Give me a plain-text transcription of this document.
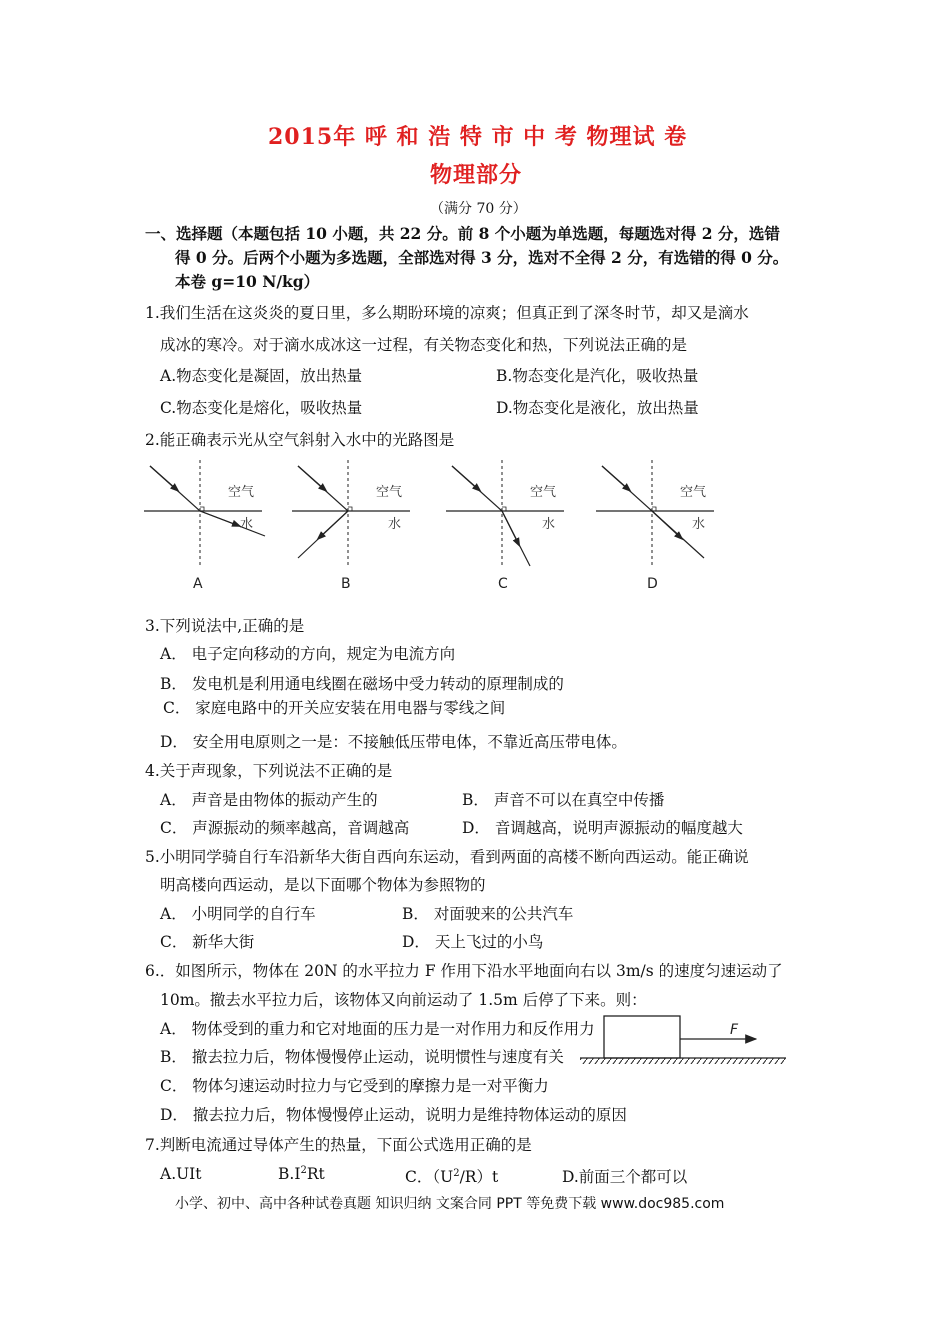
2015年 呼 和 浩 特 市 中 考 物理试 卷
物理部分
（满分 70 分）
一、选择题（本题包括 10 小题，共 22 分。前 8 个小题为单选题，每题选对得 2 分，选错
得 0 分。后两个小题为多选题，全部选对得 3 分，选对不全得 2 分，有选错的得 0 分。
本卷 g=10 N/kg）
1.我们生活在这炎炎的夏日里，多么期盼环境的凉爽；但真正到了深冬时节，却又是滴水
成冰的寒冷。对于滴水成冰这一过程，有关物态变化和热，下列说法正确的是
A.物态变化是凝固，放出热量	B.物态变化是汽化，吸收热量
C.物态变化是熔化，吸收热量	D.物态变化是液化，放出热量
2.能正确表示光从空气斜射入水中的光路图是
空气
水
A
空气
水
B
空气
水
C
空气
水
D
3.下列说法中,正确的是
A． 电子定向移动的方向，规定为电流方向
B． 发电机是利用通电线圈在磁场中受力转动的原理制成的
C． 家庭电路中的开关应安装在用电器与零线之间
D． 安全用电原则之一是：不接触低压带电体，不靠近高压带电体。
4.关于声现象，下列说法不正确的是
A． 声音是由物体的振动产生的	B． 声音不可以在真空中传播
C． 声源振动的频率越高，音调越高	D． 音调越高，说明声源振动的幅度越大
5.小明同学骑自行车沿新华大街自西向东运动，看到两面的高楼不断向西运动。能正确说
明高楼向西运动，是以下面哪个物体为参照物的
A． 小明同学的自行车	B． 对面驶来的公共汽车
C． 新华大街	D． 天上飞过的小鸟
6.．如图所示，物体在 20N 的水平拉力 F 作用下沿水平地面向右以 3m/s 的速度匀速运动了
10m。撤去水平拉力后，该物体又向前运动了 1.5m 后停了下来。则：
F
A． 物体受到的重力和它对地面的压力是一对作用力和反作用力
B． 撤去拉力后，物体慢慢停止运动，说明惯性与速度有关
C． 物体匀速运动时拉力与它受到的摩擦力是一对平衡力
D． 撤去拉力后，物体慢慢停止运动，说明力是维持物体运动的原因
7.判断电流通过导体产生的热量，下面公式选用正确的是
A.UIt	$B.I^2Rt$	C．$(U^2/R)t$	D.前面三个都可以
小学、初中、高中各种试卷真题 知识归纳 文案合同 PPT 等免费下载 www.doc985.com
